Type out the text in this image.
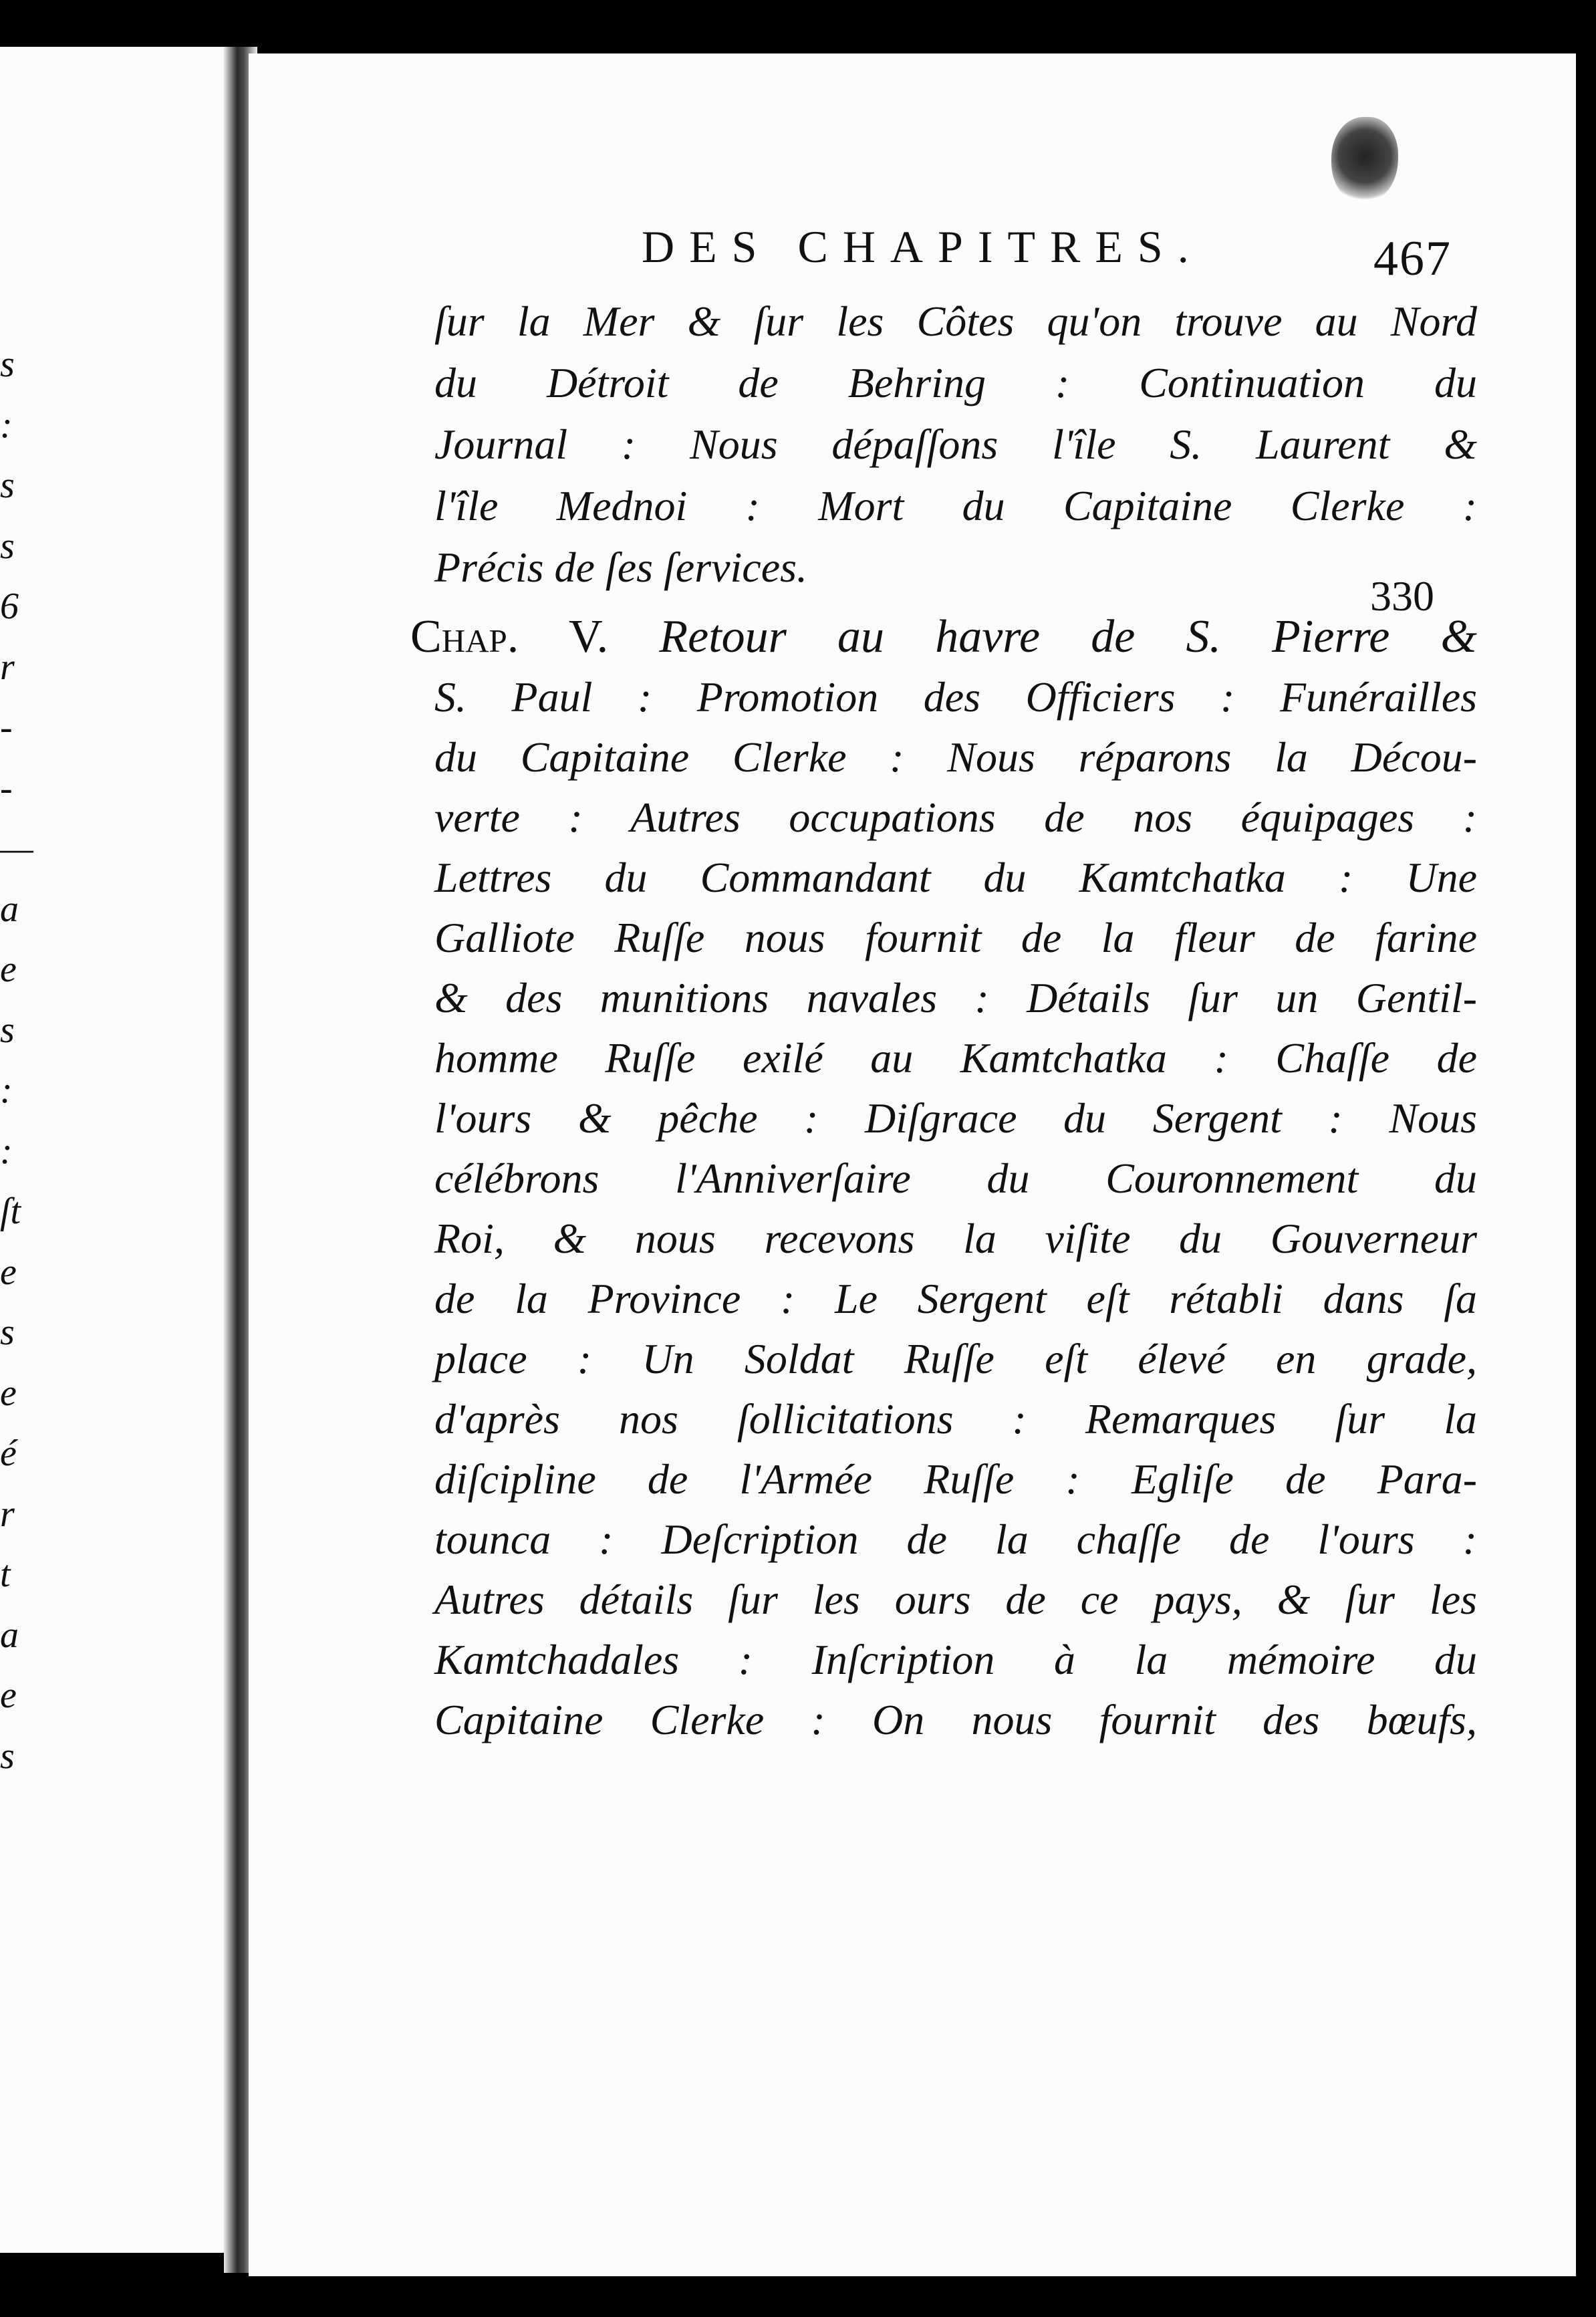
s
:
s
s
6
r
-
-
—
a
e
s
:
:
ſt
e
s
e
é
r
t
a
e
s
DES CHAPITRES.	467
ſur la Mer & ſur les Côtes qu'on trouve au Nord
du Détroit de Behring : Continuation du
Journal : Nous dépaſſons l'île S. Laurent &
l'île Mednoi : Mort du Capitaine Clerke :
Précis de ſes ſervices.
330
Chap. V. Retour au havre de S. Pierre &
S. Paul : Promotion des Officiers : Funérailles
du Capitaine Clerke : Nous réparons la Décou-
verte : Autres occupations de nos équipages :
Lettres du Commandant du Kamtchatka : Une
Galliote Ruſſe nous fournit de la fleur de farine
& des munitions navales : Détails ſur un Gentil-
homme Ruſſe exilé au Kamtchatka : Chaſſe de
l'ours & pêche : Diſgrace du Sergent : Nous
célébrons l'Anniverſaire du Couronnement du
Roi, & nous recevons la viſite du Gouverneur
de la Province : Le Sergent eſt rétabli dans ſa
place : Un Soldat Ruſſe eſt élevé en grade,
d'après nos ſollicitations : Remarques ſur la
diſcipline de l'Armée Ruſſe : Egliſe de Para-
tounca : Deſcription de la chaſſe de l'ours :
Autres détails ſur les ours de ce pays, & ſur les
Kamtchadales : Inſcription à la mémoire du
Capitaine Clerke : On nous fournit des bœufs,
